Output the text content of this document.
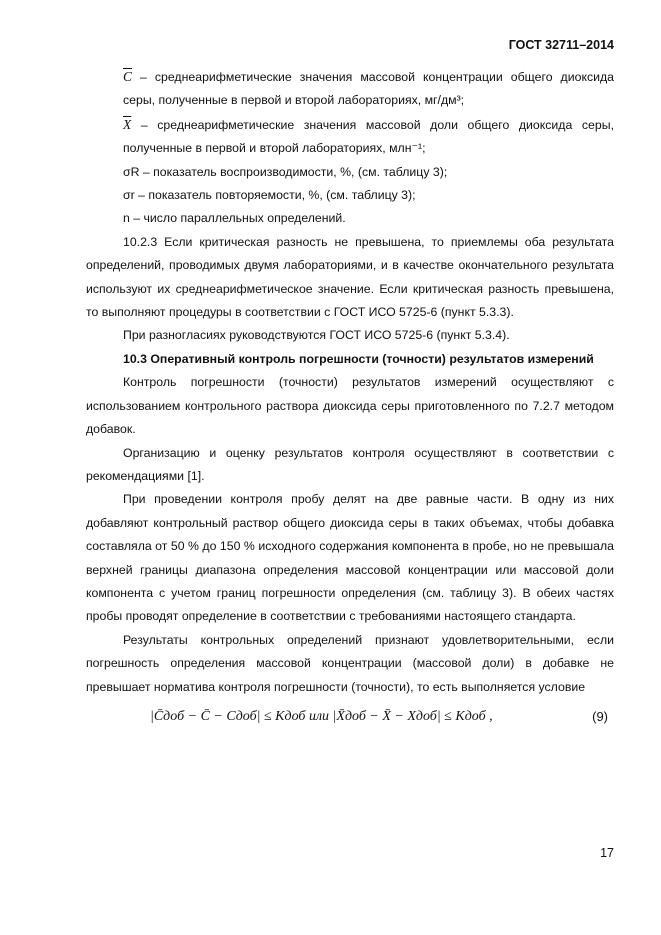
ГОСТ 32711–2014

$\overline{C}$ – среднеарифметические значения массовой концентрации общего диоксида серы, полученные в первой и второй лабораториях, мг/дм³;

$\overline{X}$ – среднеарифметические значения массовой доли общего диоксида серы, полученные в первой и второй лабораториях, млн⁻¹;

σR – показатель воспроизводимости, %, (см. таблицу 3);

σr – показатель повторяемости, %, (см. таблицу 3);

n – число параллельных определений.

10.2.3 Если критическая разность не превышена, то приемлемы оба результата определений, проводимых двумя лабораториями, и в качестве окончательного результата используют их среднеарифметическое значение. Если критическая разность превышена, то выполняют процедуры в соответствии с ГОСТ ИСО 5725-6 (пункт 5.3.3).

При разногласиях руководствуются ГОСТ ИСО 5725-6 (пункт 5.3.4).

10.3 Оперативный контроль погрешности (точности) результатов измерений

Контроль погрешности (точности) результатов измерений осуществляют с использованием контрольного раствора диоксида серы приготовленного по 7.2.7 методом добавок.

Организацию и оценку результатов контроля осуществляют в соответствии с рекомендациями [1].

При проведении контроля пробу делят на две равные части. В одну из них добавляют контрольный раствор общего диоксида серы в таких объемах, чтобы добавка составляла от 50 % до 150 % исходного содержания компонента в пробе, но не превышала верхней границы диапазона определения массовой концентрации или массовой доли компонента с учетом границ погрешности определения (см. таблицу 3). В обеих частях пробы проводят определение в соответствии с требованиями настоящего стандарта.

Результаты контрольных определений признают удовлетворительными, если погрешность определения массовой концентрации (массовой доли) в добавке не превышает норматива контроля погрешности (точности), то есть выполняется условие

|C̄доб − C̄ − Cдоб| ≤ Kдоб или |X̄доб − X̄ − Xдоб| ≤ Kдоб ,	(9)
17
